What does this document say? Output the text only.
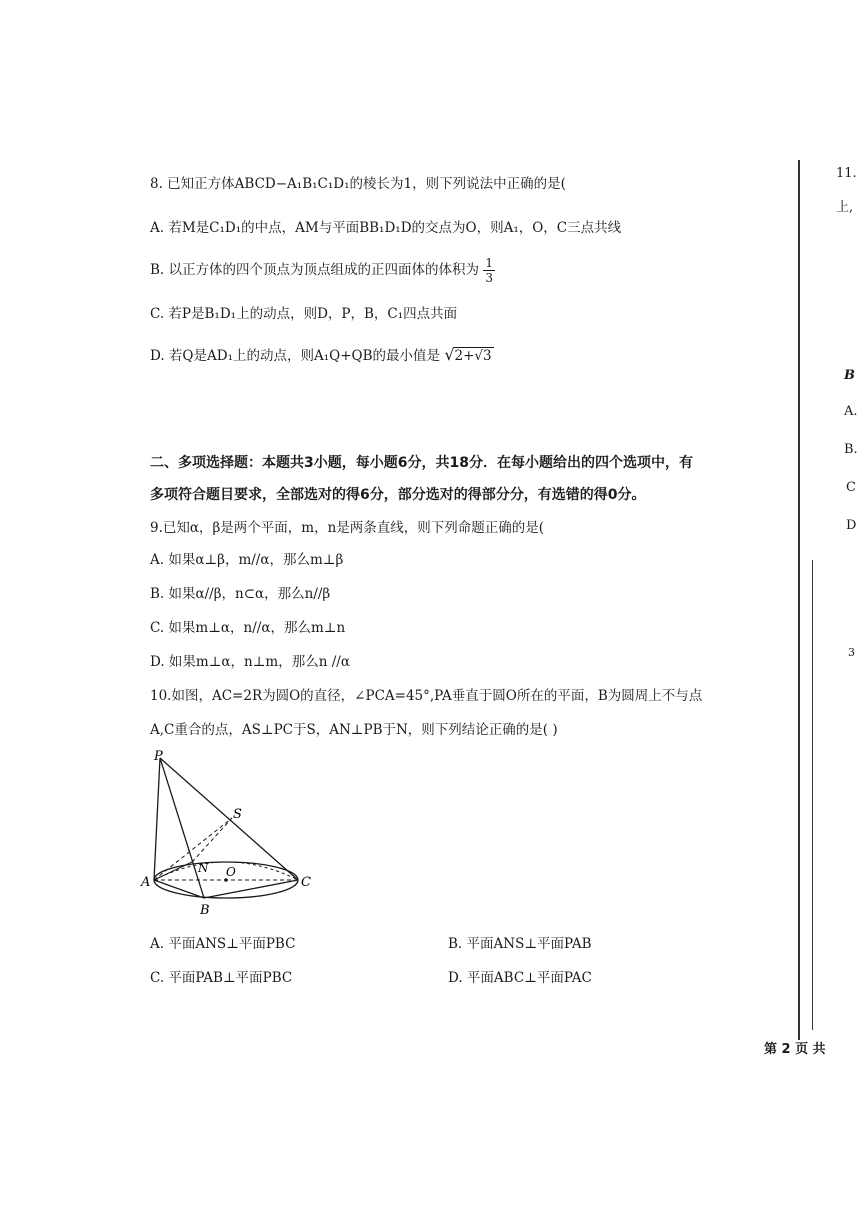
8. 已知正方体ABCD−A₁B₁C₁D₁的棱长为1，则下列说法中正确的是(
A. 若M是C₁D₁的中点，AM与平面BB₁D₁D的交点为O，则A₁，O，C三点共线
B. 以正方体的四个顶点为顶点组成的正四面体的体积为 $\frac{1}{3}$
C. 若P是B₁D₁上的动点，则D，P，B，C₁四点共面
D. 若Q是AD₁上的动点，则A₁Q+QB的最小值是 √2+√3
二、多项选择题：本题共3小题，每小题6分，共18分．在每小题给出的四个选项中，有
多项符合题目要求，全部选对的得6分，部分选对的得部分分，有选错的得0分。
9.已知α，β是两个平面，m，n是两条直线，则下列命题正确的是(
A. 如果α⊥β，m//α，那么m⊥β
B. 如果α//β，n⊂α，那么n//β
C. 如果m⊥α，n//α，那么m⊥n
D. 如果m⊥α，n⊥m，那么n //α
10.如图，AC=2R为圆O的直径，∠PCA=45°,PA垂直于圆O所在的平面，B为圆周上不与点
A,C重合的点，AS⊥PC于S，AN⊥PB于N，则下列结论正确的是( )
P
S
N O
A	C
B
A. 平面ANS⊥平面PBC	B. 平面ANS⊥平面PAB
C. 平面PAB⊥平面PBC	D. 平面ABC⊥平面PAC
11.
上,
B
A.
B.
C
D
3
第 2 页 共
